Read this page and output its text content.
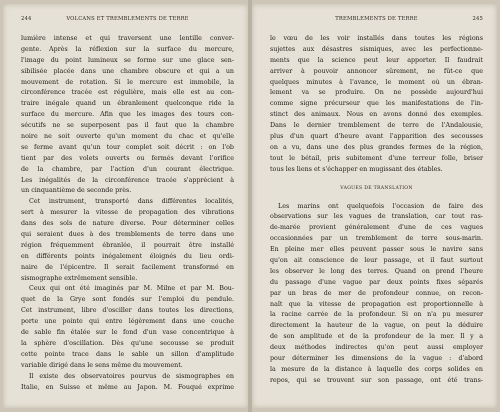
244	VOLCANS ET TREMBLEMENTS DE TERRE
lumière intense et qui traversent une lentille conver-
gente. Après la réflexion sur la surface du mercure,
l'image du point lumineux se forme sur une glace sen-
sibilisée placée dans une chambre obscure et qui a un
mouvement de rotation. Si le mercure est immobile, la
circonférence tracée est régulière, mais elle est au con-
traire inégale quand un ébranlement quelconque ride la
surface du mercure. Afin que les images des tours con-
sécutifs ne se superposent pas il faut que la chambre
noire ne soit ouverte qu'un moment du chac et qu'elle
se ferme avant qu'un tour complet soit décrit : on l'ob
tient par des volets ouverts ou fermés devant l'orifice
de la chambre, par l'action d'un courant électrique.
Les inégalités de la circonférence tracée s'apprécient à
un cinquantième de seconde près.
Cet instrument, transporté dans différentes localités,
sert à mesurer la vitesse de propagation des vibrations
dans des sols de nature diverse. Pour déterminer celles
qui seraient dues à des tremblements de terre dans une
région fréquemment ébranlée, il pourrait être installé
en différents points inégalement éloignés du lieu ordi-
naire de l'épicentre. Il serait facilement transformé en
sismographe extrêmement sensible.
Ceux qui ont été imaginés par M. Milne et par M. Bou-
quet de la Grye sont fondés sur l'emploi du pendule.
Cet instrument, libre d'osciller dans toutes les directions,
porte une pointe qui entre légèrement dans une couche
de sable fin étalée sur le fond d'un vase concentrique à
la sphère d'oscillation. Dès qu'une secousse se produit
cette pointe trace dans le sable un sillon d'amplitude
variable dirigé dans le sens même du mouvement.
Il existe des observatoires pourvus de sismographes en
Italie, en Suisse et même au Japon. M. Fouqué exprime
TREMBLEMENTS DE TERRE	245
le vœu de les voir installés dans toutes les régions
sujettes aux désastres sismiques, avec les perfectionne-
ments que la science peut leur apporter. Il faudrait
arriver à pouvoir annoncer sûrement, ne fût-ce que
quelques minutes à l'avance, le moment où un ébran-
lement va se produire. On ne possède aujourd'hui
comme signe précurseur que les manifestations de l'in-
stinct des animaux. Nous en avons donné des exemples.
Dans le dernier tremblement de terre de l'Andalousie,
plus d'un quart d'heure avant l'apparition des secousses
on a vu, dans une des plus grandes fermes de la région,
tout le bétail, pris subitement d'une terreur folle, briser
tous les liens et s'échapper en mugissant des étables.
VAGUES DE TRANSLATION
Les marins ont quelquefois l'occasion de faire des
observations sur les vagues de translation, car tout ras-
de-marée provient généralement d'une de ces vagues
occasionnées par un tremblement de terre sous-marin.
En pleine mer elles peuvent passer sous le navire sans
qu'on ait conscience de leur passage, et il faut surtout
les observer le long des terres. Quand on prend l'heure
du passage d'une vague par deux points fixes séparés
par un bras de mer de profondeur connue, on recon-
naît que la vitesse de propagation est proportionnelle à
la racine carrée de la profondeur. Si on n'a pu mesurer
directement la hauteur de la vague, on peut la déduire
de son amplitude et de la profondeur de la mer. Il y a
deux méthodes indirectes qu'on peut aussi employer
pour déterminer les dimensions de la vague : d'abord
la mesure de la distance à laquelle des corps solides en
repos, qui se trouvent sur son passage, ont été trans-
